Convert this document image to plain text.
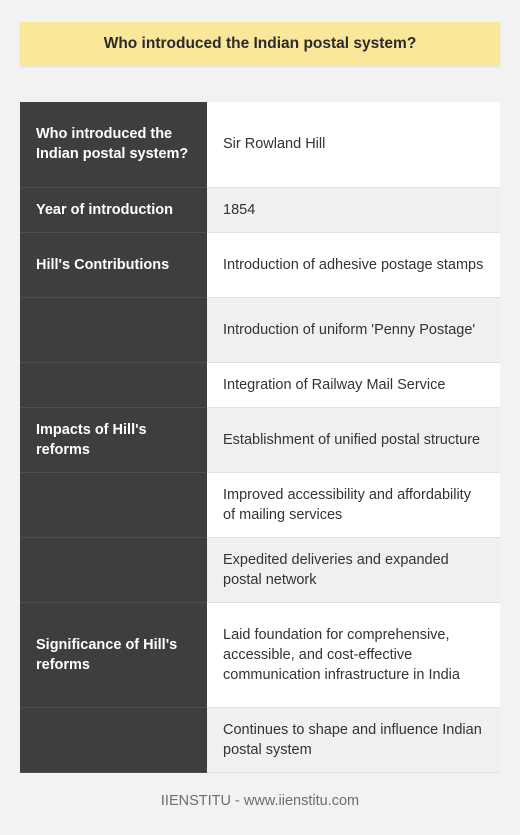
Who introduced the Indian postal system?
Who introduced the Indian postal system?	Sir Rowland Hill
Year of introduction	1854
Hill's Contributions	Introduction of adhesive postage stamps
	Introduction of uniform 'Penny Postage'
	Integration of Railway Mail Service
Impacts of Hill's reforms	Establishment of unified postal structure
	Improved accessibility and affordability of mailing services
	Expedited deliveries and expanded postal network
Significance of Hill's reforms	Laid foundation for comprehensive, accessible, and cost-effective communication infrastructure in India
	Continues to shape and influence Indian postal system
IIENSTITU - www.iienstitu.com
